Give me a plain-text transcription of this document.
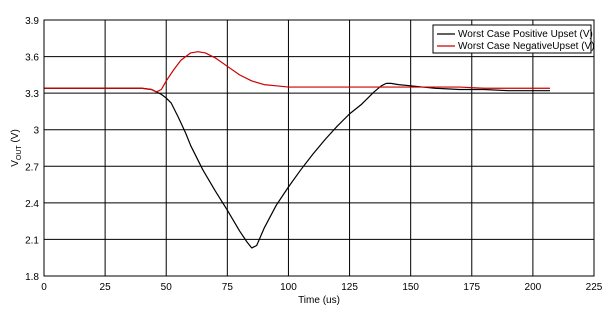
0	25	50	75	100	125	150	175	200	225
1.8
2.1
2.4
2.7
3
3.3
3.6
3.9
Time (us)
$V_{OUT}$ (V)
Worst Case Positive Upset (V)
Worst Case NegativeUpset (V)
